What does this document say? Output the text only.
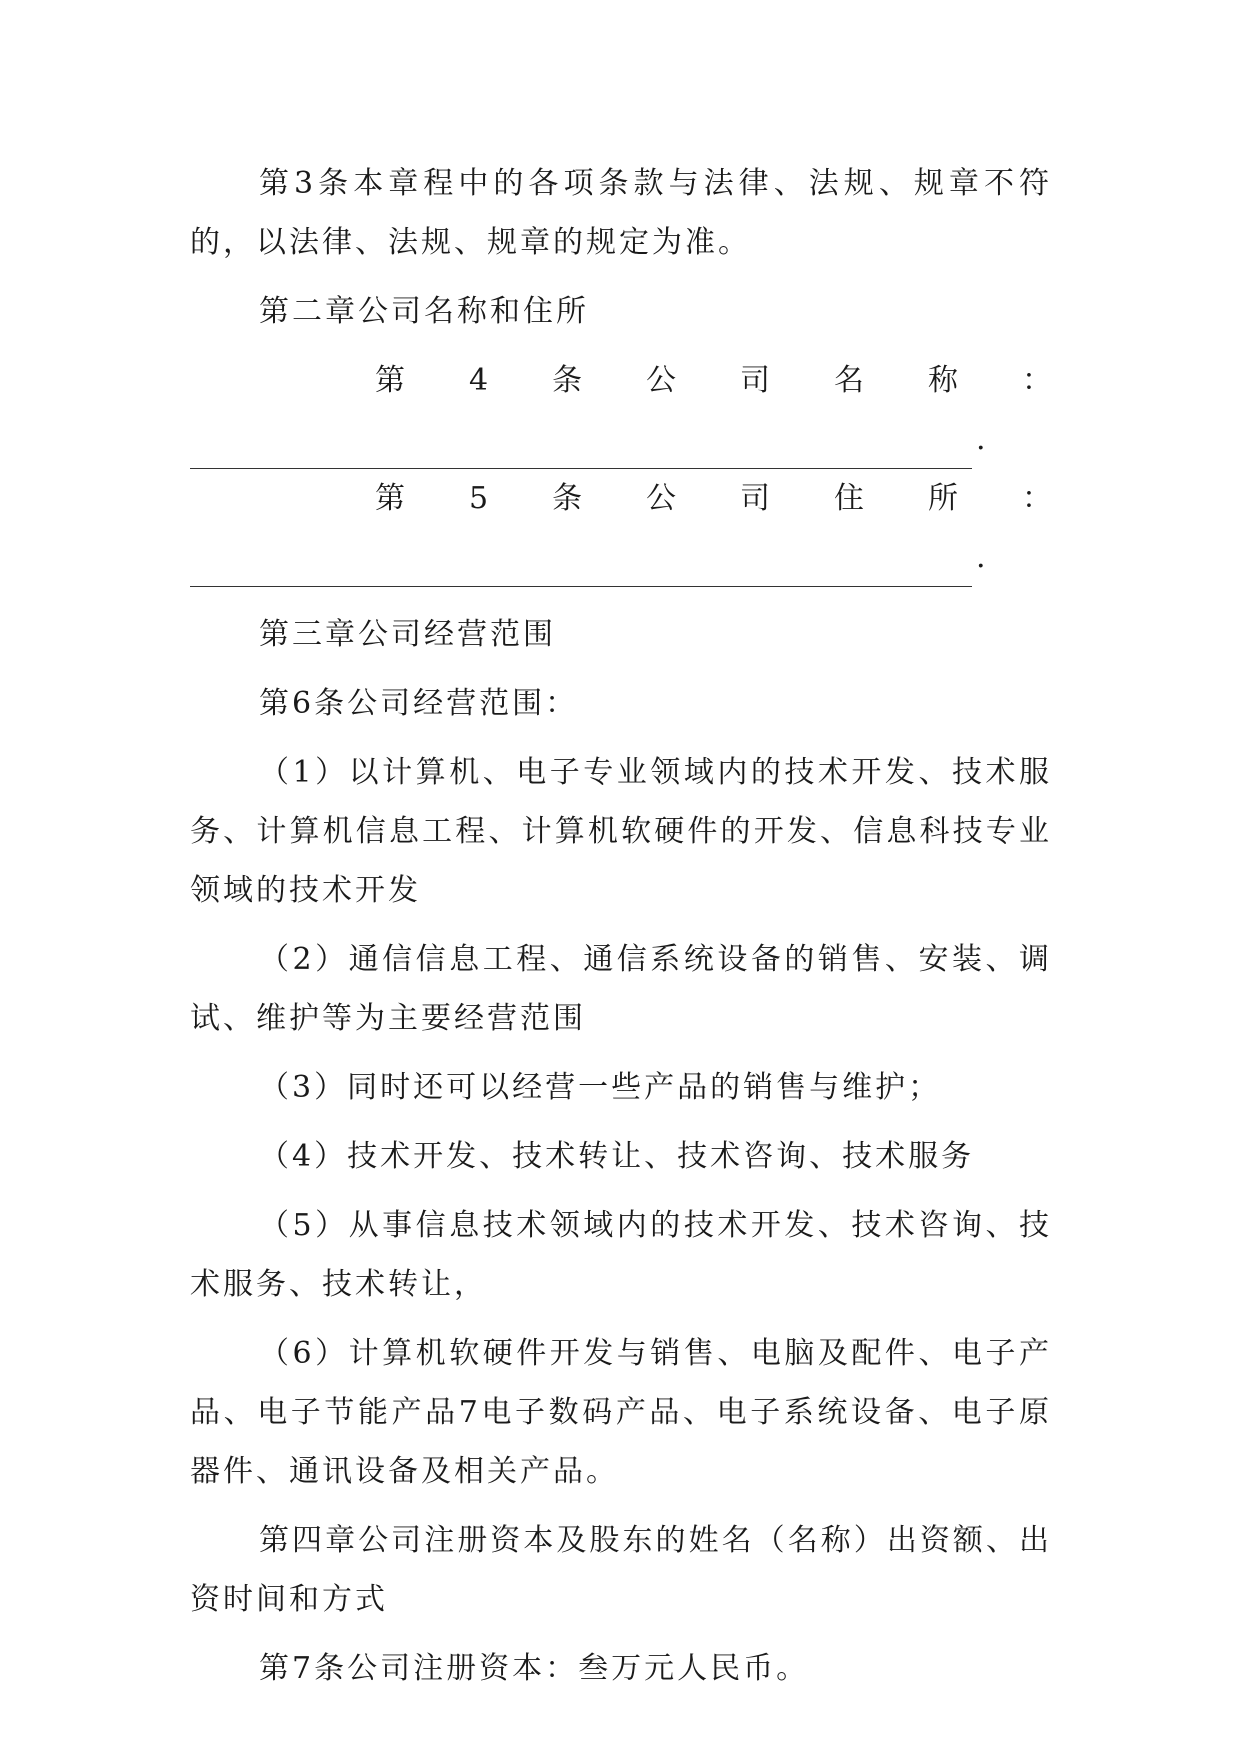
第3条本章程中的各项条款与法律、法规、规章不符的，以法律、法规、规章的规定为准。

第二章公司名称和住所

第 4 条 公 司 名 称 ：
.
第 5 条 公 司 住 所 ：
.

第三章公司经营范围

第6条公司经营范围：

（1）以计算机、电子专业领域内的技术开发、技术服务、计算机信息工程、计算机软硬件的开发、信息科技专业领域的技术开发

（2）通信信息工程、通信系统设备的销售、安装、调试、维护等为主要经营范围

（3）同时还可以经营一些产品的销售与维护；

（4）技术开发、技术转让、技术咨询、技术服务

（5）从事信息技术领域内的技术开发、技术咨询、技术服务、技术转让，

（6）计算机软硬件开发与销售、电脑及配件、电子产品、电子节能产品7电子数码产品、电子系统设备、电子原器件、通讯设备及相关产品。

第四章公司注册资本及股东的姓名（名称）出资额、出资时间和方式

第7条公司注册资本：叁万元人民币。
